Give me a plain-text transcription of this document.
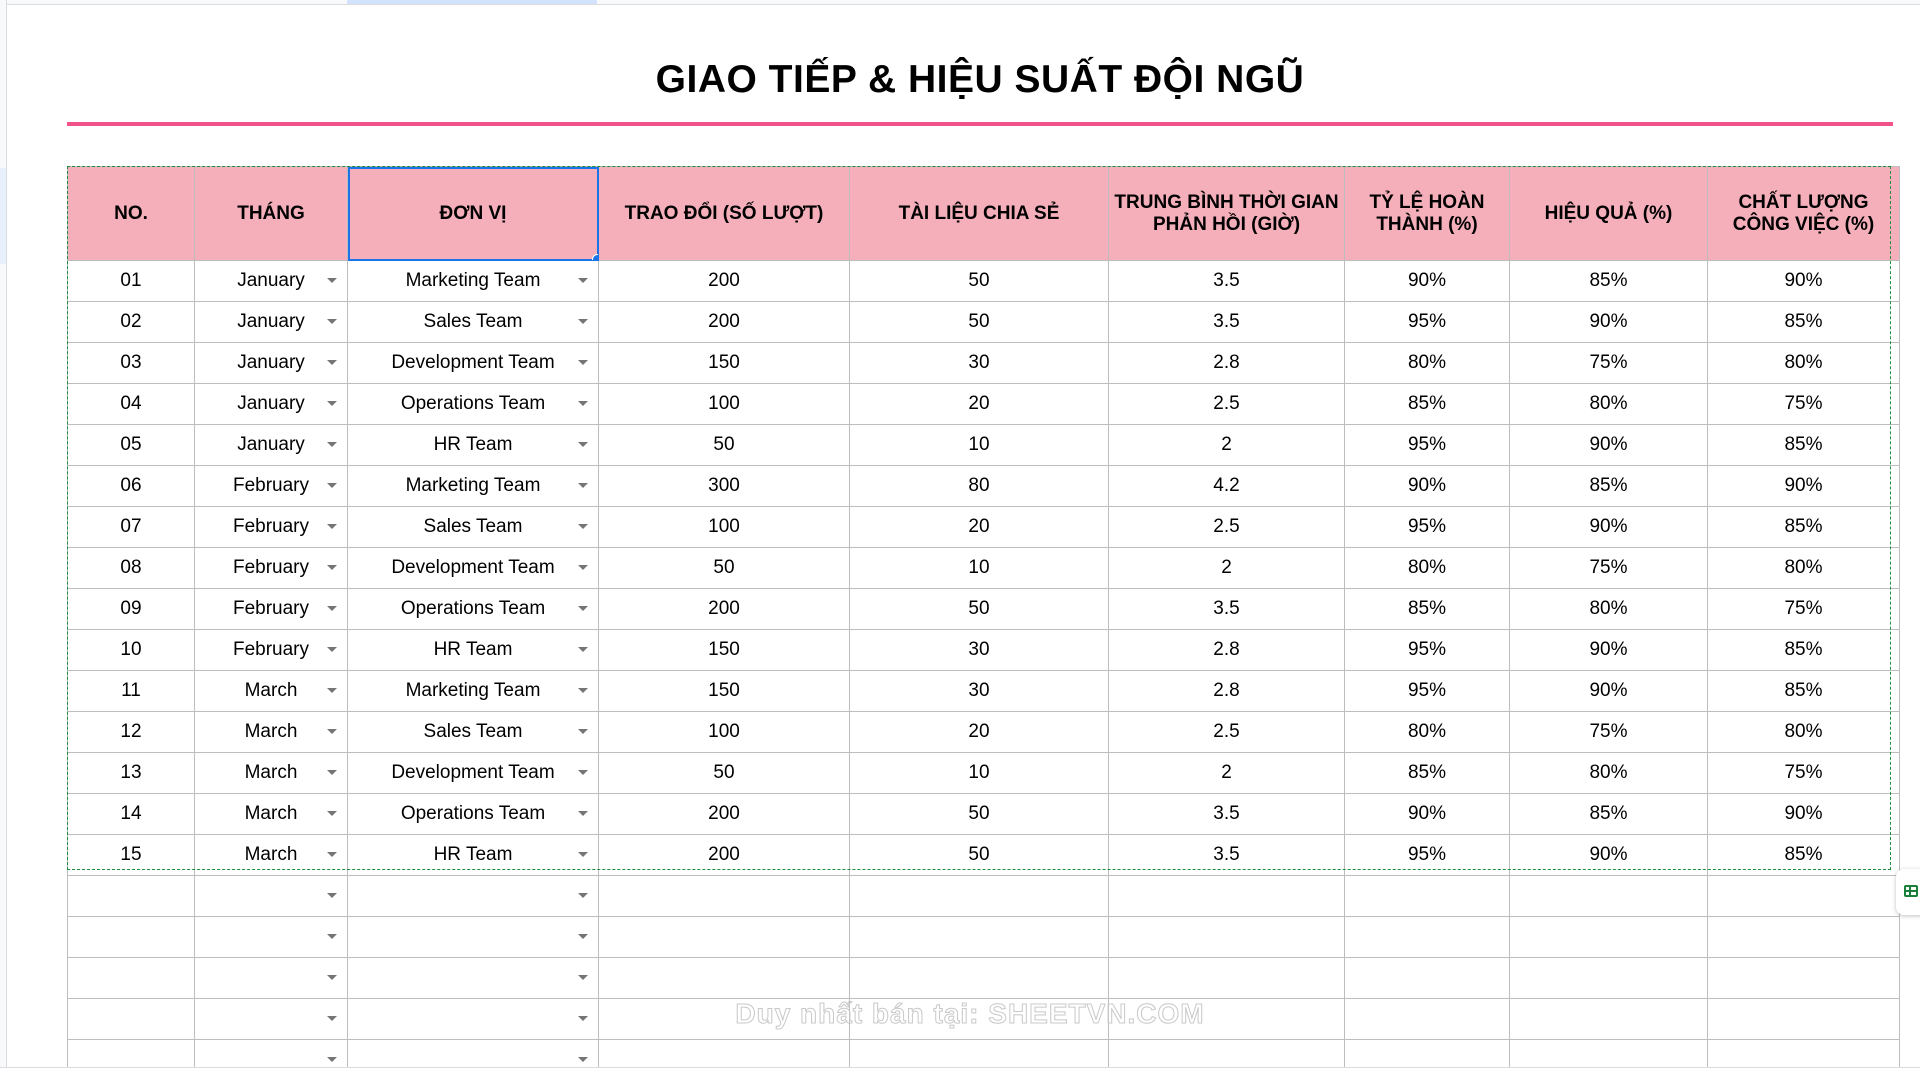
GIAO TIẾP & HIỆU SUẤT ĐỘI NGŨ
NO.	THÁNG	ĐƠN VỊ	TRAO ĐỔI (SỐ LƯỢT)	TÀI LIỆU CHIA SẺ	TRUNG BÌNH THỜI GIAN PHẢN HỒI (GIỜ)	TỶ LỆ HOÀN THÀNH (%)	HIỆU QUẢ (%)	CHẤT LƯỢNG CÔNG VIỆC (%)
01	January	Marketing Team	200	50	3.5	90%	85%	90%
02	January	Sales Team	200	50	3.5	95%	90%	85%
03	January	Development Team	150	30	2.8	80%	75%	80%
04	January	Operations Team	100	20	2.5	85%	80%	75%
05	January	HR Team	50	10	2	95%	90%	85%
06	February	Marketing Team	300	80	4.2	90%	85%	90%
07	February	Sales Team	100	20	2.5	95%	90%	85%
08	February	Development Team	50	10	2	80%	75%	80%
09	February	Operations Team	200	50	3.5	85%	80%	75%
10	February	HR Team	150	30	2.8	95%	90%	85%
11	March	Marketing Team	150	30	2.8	95%	90%	85%
12	March	Sales Team	100	20	2.5	80%	75%	80%
13	March	Development Team	50	10	2	85%	80%	75%
14	March	Operations Team	200	50	3.5	90%	85%	90%
15	March	HR Team	200	50	3.5	95%	90%	85%

Duy nhất bán tại: SHEETVN.COM
